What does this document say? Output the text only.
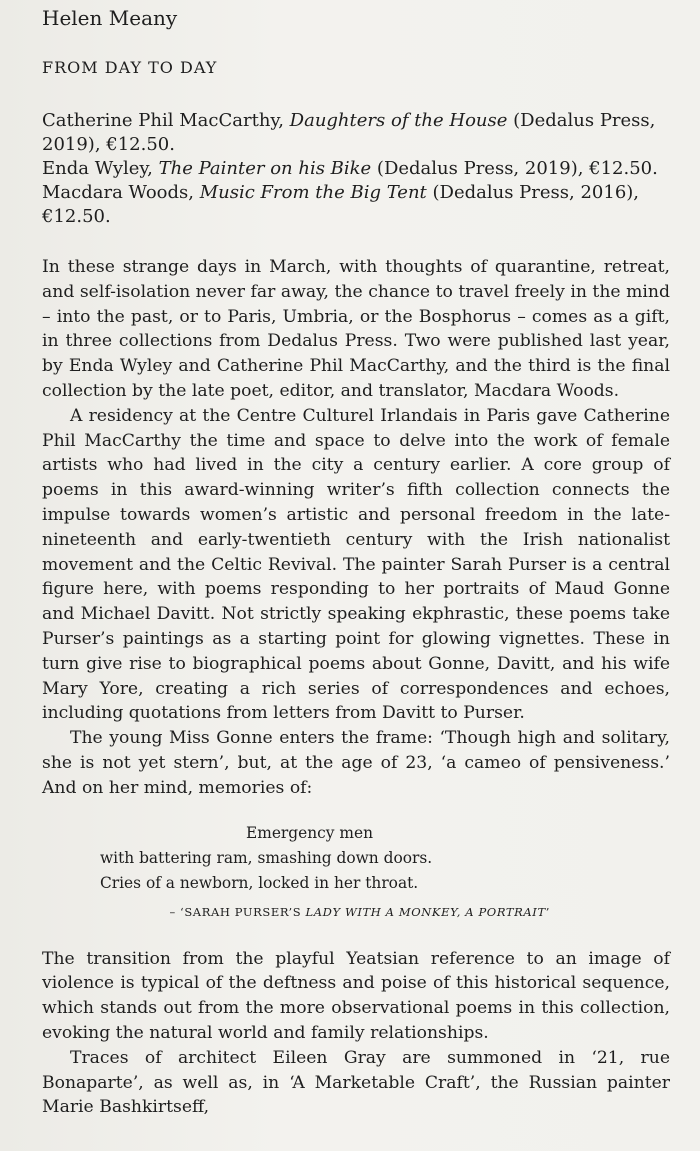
Helen Meany
FROM DAY TO DAY
Catherine Phil MacCarthy, Daughters of the House (Dedalus Press, 2019), €12.50.
Enda Wyley, The Painter on his Bike (Dedalus Press, 2019), €12.50.
Macdara Woods, Music From the Big Tent (Dedalus Press, 2016), €12.50.

In these strange days in March, with thoughts of quarantine, retreat, and self-isolation never far away, the chance to travel freely in the mind – into the past, or to Paris, Umbria, or the Bosphorus – comes as a gift, in three collections from Dedalus Press. Two were published last year, by Enda Wyley and Catherine Phil MacCarthy, and the third is the final collection by the late poet, editor, and translator, Macdara Woods.

A residency at the Centre Culturel Irlandais in Paris gave Catherine Phil MacCarthy the time and space to delve into the work of female artists who had lived in the city a century earlier. A core group of poems in this award-winning writer’s fifth collection connects the impulse towards women’s artistic and personal freedom in the late-nineteenth and early-twentieth century with the Irish nationalist movement and the Celtic Revival. The painter Sarah Purser is a central figure here, with poems responding to her portraits of Maud Gonne and Michael Davitt. Not strictly speaking ekphrastic, these poems take Purser’s paintings as a starting point for glowing vignettes. These in turn give rise to biographical poems about Gonne, Davitt, and his wife Mary Yore, creating a rich series of correspondences and echoes, including quotations from letters from Davitt to Purser.

The young Miss Gonne enters the frame: ‘Though high and solitary, she is not yet stern’, but, at the age of 23, ‘a cameo of pensiveness.’ And on her mind, memories of:

Emergency men
with battering ram, smashing down doors.
Cries of a newborn, locked in her throat.
– ‘SARAH PURSER’S LADY WITH A MONKEY, A PORTRAIT’

The transition from the playful Yeatsian reference to an image of violence is typical of the deftness and poise of this historical sequence, which stands out from the more observational poems in this collection, evoking the natural world and family relationships.

Traces of architect Eileen Gray are summoned in ‘21, rue Bonaparte’, as well as, in ‘A Marketable Craft’, the Russian painter Marie Bashkirtseff,
